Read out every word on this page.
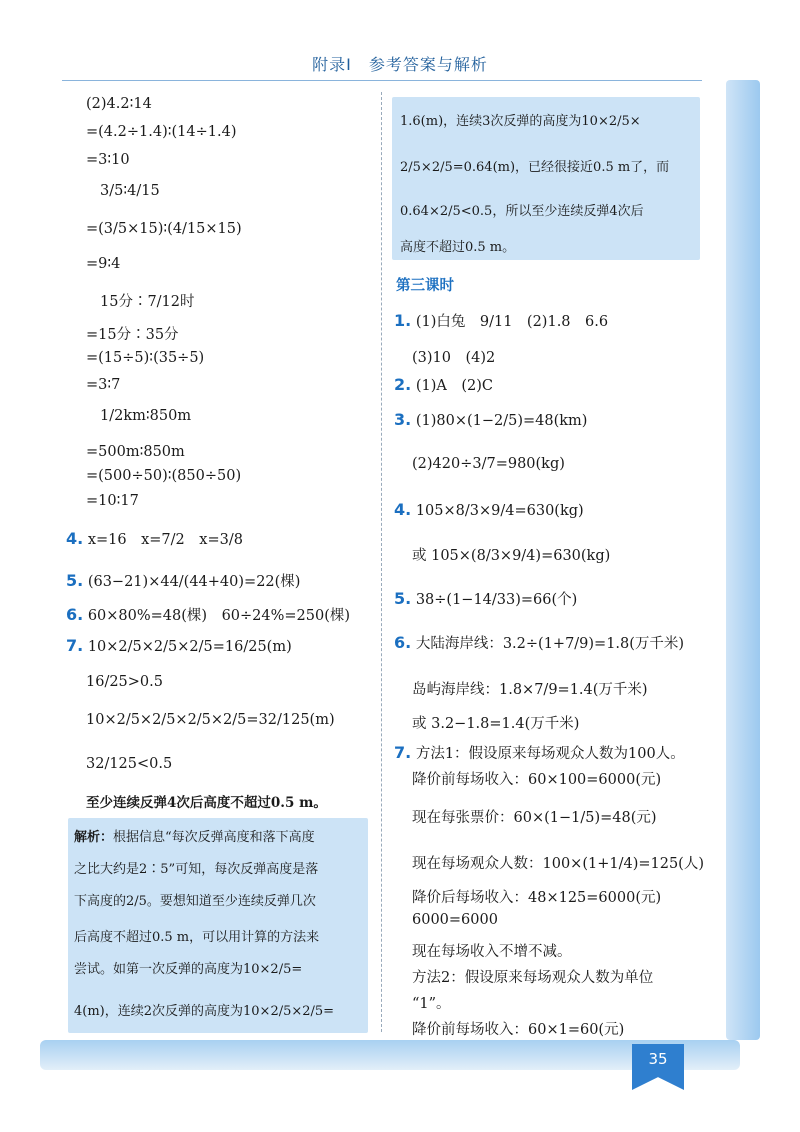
附录Ⅰ　参考答案与解析
(2)4.2∶14
=(4.2÷1.4)∶(14÷1.4)
=3∶10
3/5∶4/15
=(3/5×15)∶(4/15×15)
=9∶4
15分∶7/12时
=15分∶35分
=(15÷5)∶(35÷5)
=3∶7
1/2km∶850m
=500m∶850m
=(500÷50)∶(850÷50)
=10∶17
4. x=16　x=7/2　x=3/8
5. (63−21)×44/(44+40)=22(棵)
6. 60×80%=48(棵)　60÷24%=250(棵)
7. 10×2/5×2/5×2/5=16/25(m)
16/25>0.5
10×2/5×2/5×2/5×2/5=32/125(m)
32/125<0.5
至少连续反弹4次后高度不超过0.5 m。
解析：根据信息“每次反弹高度和落下高度
之比大约是2∶5”可知，每次反弹高度是落
下高度的2/5。要想知道至少连续反弹几次
后高度不超过0.5 m，可以用计算的方法来
尝试。如第一次反弹的高度为10×2/5=
4(m)，连续2次反弹的高度为10×2/5×2/5=
1.6(m)，连续3次反弹的高度为10×2/5×
2/5×2/5=0.64(m)，已经很接近0.5 m了，而
0.64×2/5<0.5，所以至少连续反弹4次后
高度不超过0.5 m。
第三课时
1. (1)白兔　9/11　(2)1.8　6.6
(3)10　(4)2
2. (1)A　(2)C
3. (1)80×(1−2/5)=48(km)
(2)420÷3/7=980(kg)
4. 105×8/3×9/4=630(kg)
或 105×(8/3×9/4)=630(kg)
5. 38÷(1−14/33)=66(个)
6. 大陆海岸线：3.2÷(1+7/9)=1.8(万千米)
岛屿海岸线：1.8×7/9=1.4(万千米)
或 3.2−1.8=1.4(万千米)
7. 方法1：假设原来每场观众人数为100人。
降价前每场收入：60×100=6000(元)
现在每张票价：60×(1−1/5)=48(元)
现在每场观众人数：100×(1+1/4)=125(人)
降价后每场收入：48×125=6000(元)
6000=6000
现在每场收入不增不减。
方法2：假设原来每场观众人数为单位
“1”。
降价前每场收入：60×1=60(元)
35
